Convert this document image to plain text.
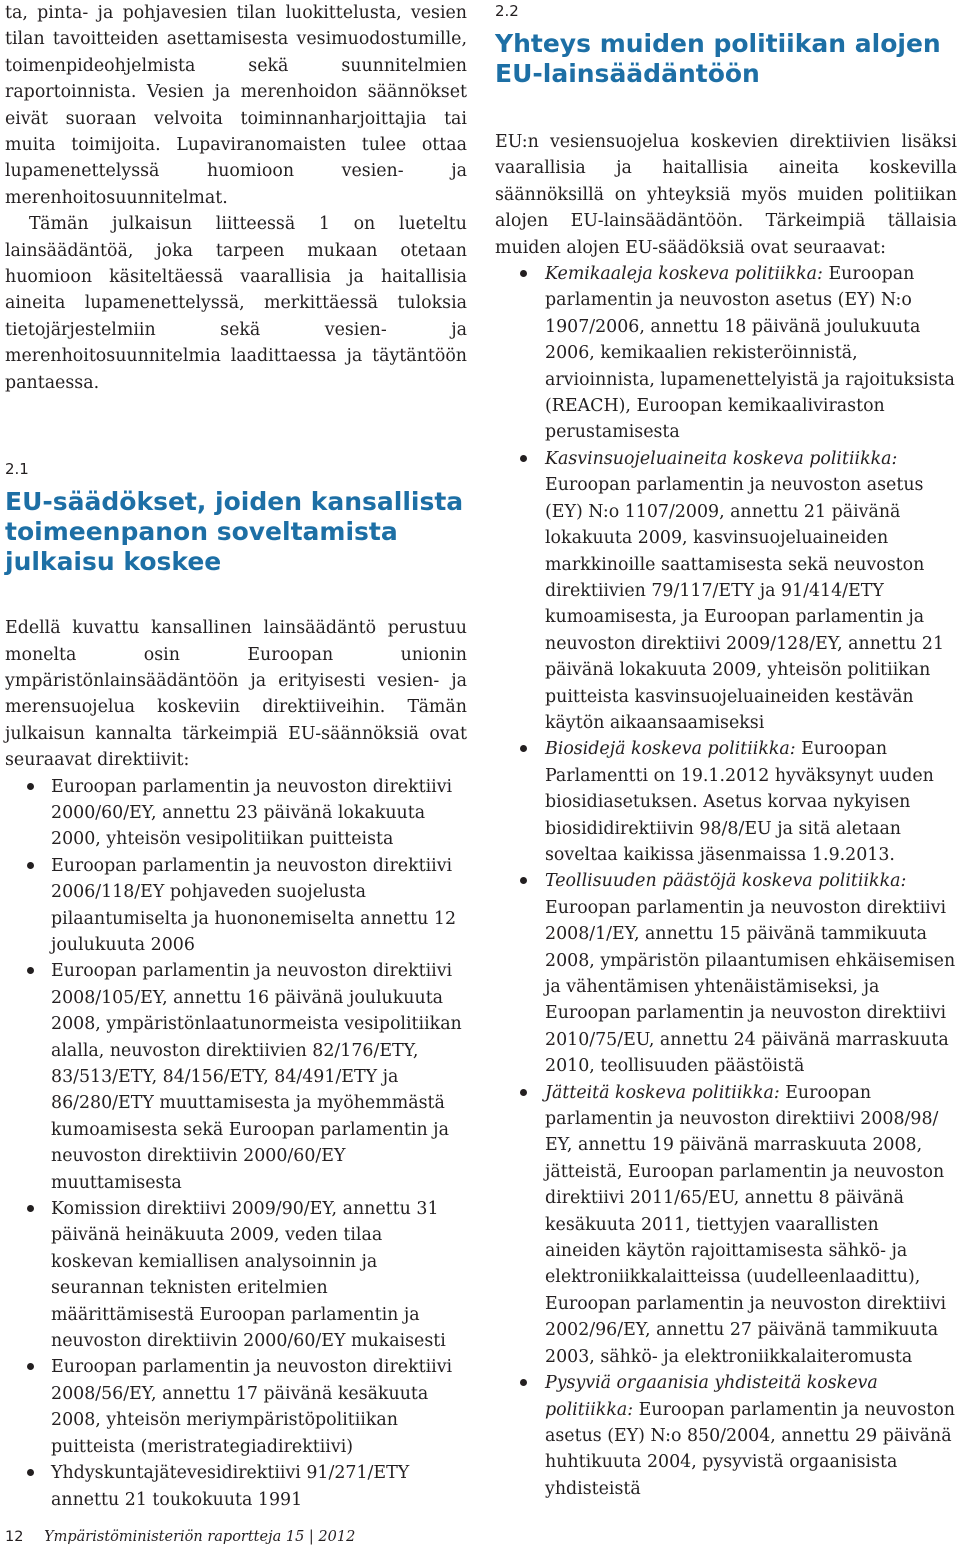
ta, pinta- ja pohjavesien tilan luokittelusta, vesien tilan tavoitteiden asettamisesta vesimuodostumille, toimenpideohjelmista sekä suunnitelmien raportoinnista. Vesien ja merenhoidon säännökset eivät suoraan velvoita toiminnanharjoittajia tai muita toimijoita. Lupaviranomaisten tulee ottaa lupamenettelyssä huomioon vesien- ja merenhoitosuunnitelmat.

Tämän julkaisun liitteessä 1 on lueteltu lainsäädäntöä, joka tarpeen mukaan otetaan huomioon käsiteltäessä vaarallisia ja haitallisia aineita lupamenettelyssä, merkittäessä tuloksia tietojärjestelmiin sekä vesien- ja merenhoitosuunnitelmia laadittaessa ja täytäntöön pantaessa.

2.1
EU-säädökset, joiden kansallista toimeenpanon soveltamista julkaisu koskee

Edellä kuvattu kansallinen lainsäädäntö perustuu monelta osin Euroopan unionin ympäristönlainsäädäntöön ja erityisesti vesien- ja merensuojelua koskeviin direktiiveihin. Tämän julkaisun kannalta tärkeimpiä EU-säännöksiä ovat seuraavat direktiivit:

Euroopan parlamentin ja neuvoston direktiivi 2000/60/EY, annettu 23 päivänä lokakuuta 2000, yhteisön vesipolitiikan puitteista
Euroopan parlamentin ja neuvoston direktiivi 2006/118/EY pohjaveden suojelusta pilaantumiselta ja huononemiselta annettu 12 joulukuuta 2006
Euroopan parlamentin ja neuvoston direktiivi 2008/105/EY, annettu 16 päivänä joulukuuta 2008, ympäristönlaatunormeista vesipolitiikan alalla, neuvoston direktiivien 82/176/ETY, 83/513/ETY, 84/156/ETY, 84/491/ETY ja 86/280/ETY muuttamisesta ja myöhemmästä kumoamisesta sekä Euroopan parlamentin ja neuvoston direktiivin 2000/60/EY muuttamisesta
Komission direktiivi 2009/90/EY, annettu 31 päivänä heinäkuuta 2009, veden tilaa koskevan kemiallisen analysoinnin ja seurannan teknisten eritelmien määrittämisestä Euroopan parlamentin ja neuvoston direktiivin 2000/60/EY mukaisesti
Euroopan parlamentin ja neuvoston direktiivi 2008/56/EY, annettu 17 päivänä kesäkuuta 2008, yhteisön meriympäristöpolitiikan puitteista (meristrategiadirektiivi)
Yhdyskuntajätevesidirektiivi 91/271/ETY annettu 21 toukokuuta 1991
2.2
Yhteys muiden politiikan alojen EU-lainsäädäntöön

EU:n vesiensuojelua koskevien direktiivien lisäksi vaarallisia ja haitallisia aineita koskevilla säännöksillä on yhteyksiä myös muiden politiikan alojen EU-lainsäädäntöön. Tärkeimpiä tällaisia muiden alojen EU-säädöksiä ovat seuraavat:

Kemikaaleja koskeva politiikka: Euroopan parlamentin ja neuvoston asetus (EY) N:o 1907/2006, annettu 18 päivänä joulukuuta 2006, kemikaalien rekisteröinnistä, arvioinnista, lupamenettelyistä ja rajoituksista (REACH), Euroopan kemikaaliviraston perustamisesta
Kasvinsuojeluaineita koskeva politiikka: Euroopan parlamentin ja neuvoston asetus (EY) N:o 1107/2009, annettu 21 päivänä lokakuuta 2009, kasvinsuojeluaineiden markkinoille saattamisesta sekä neuvoston direktiivien 79/117/ETY ja 91/414/ETY kumoamisesta, ja Euroopan parlamentin ja neuvoston direktiivi 2009/128/EY, annettu 21 päivänä lokakuuta 2009, yhteisön politiikan puitteista kasvinsuojeluaineiden kestävän käytön aikaansaamiseksi
Biosidejä koskeva politiikka: Euroopan Parlamentti on 19.1.2012 hyväksynyt uuden biosidiasetuksen. Asetus korvaa nykyisen biosididirektiivin 98/8/EU ja sitä aletaan soveltaa kaikissa jäsenmaissa 1.9.2013.
Teollisuuden päästöjä koskeva politiikka: Euroopan parlamentin ja neuvoston direktiivi 2008/1/EY, annettu 15 päivänä tammikuuta 2008, ympäristön pilaantumisen ehkäisemisen ja vähentämisen yhtenäistämiseksi, ja Euroopan parlamentin ja neuvoston direktiivi 2010/75/EU, annettu 24 päivänä marraskuuta 2010, teollisuuden päästöistä
Jätteitä koskeva politiikka: Euroopan parlamentin ja neuvoston direktiivi 2008/98/ EY, annettu 19 päivänä marraskuuta 2008, jätteistä, Euroopan parlamentin ja neuvoston direktiivi 2011/65/EU, annettu 8 päivänä kesäkuuta 2011, tiettyjen vaarallisten aineiden käytön rajoittamisesta sähkö- ja elektroniikkalaitteissa (uudelleenlaadittu), Euroopan parlamentin ja neuvoston direktiivi 2002/96/EY, annettu 27 päivänä tammikuuta 2003, sähkö- ja elektroniikkalaiteromusta
Pysyviä orgaanisia yhdisteitä koskeva politiikka: Euroopan parlamentin ja neuvoston asetus (EY) N:o 850/2004, annettu 29 päivänä huhtikuuta 2004, pysyvistä orgaanisista yhdisteistä
12 Ympäristöministeriön raportteja 15 | 2012
